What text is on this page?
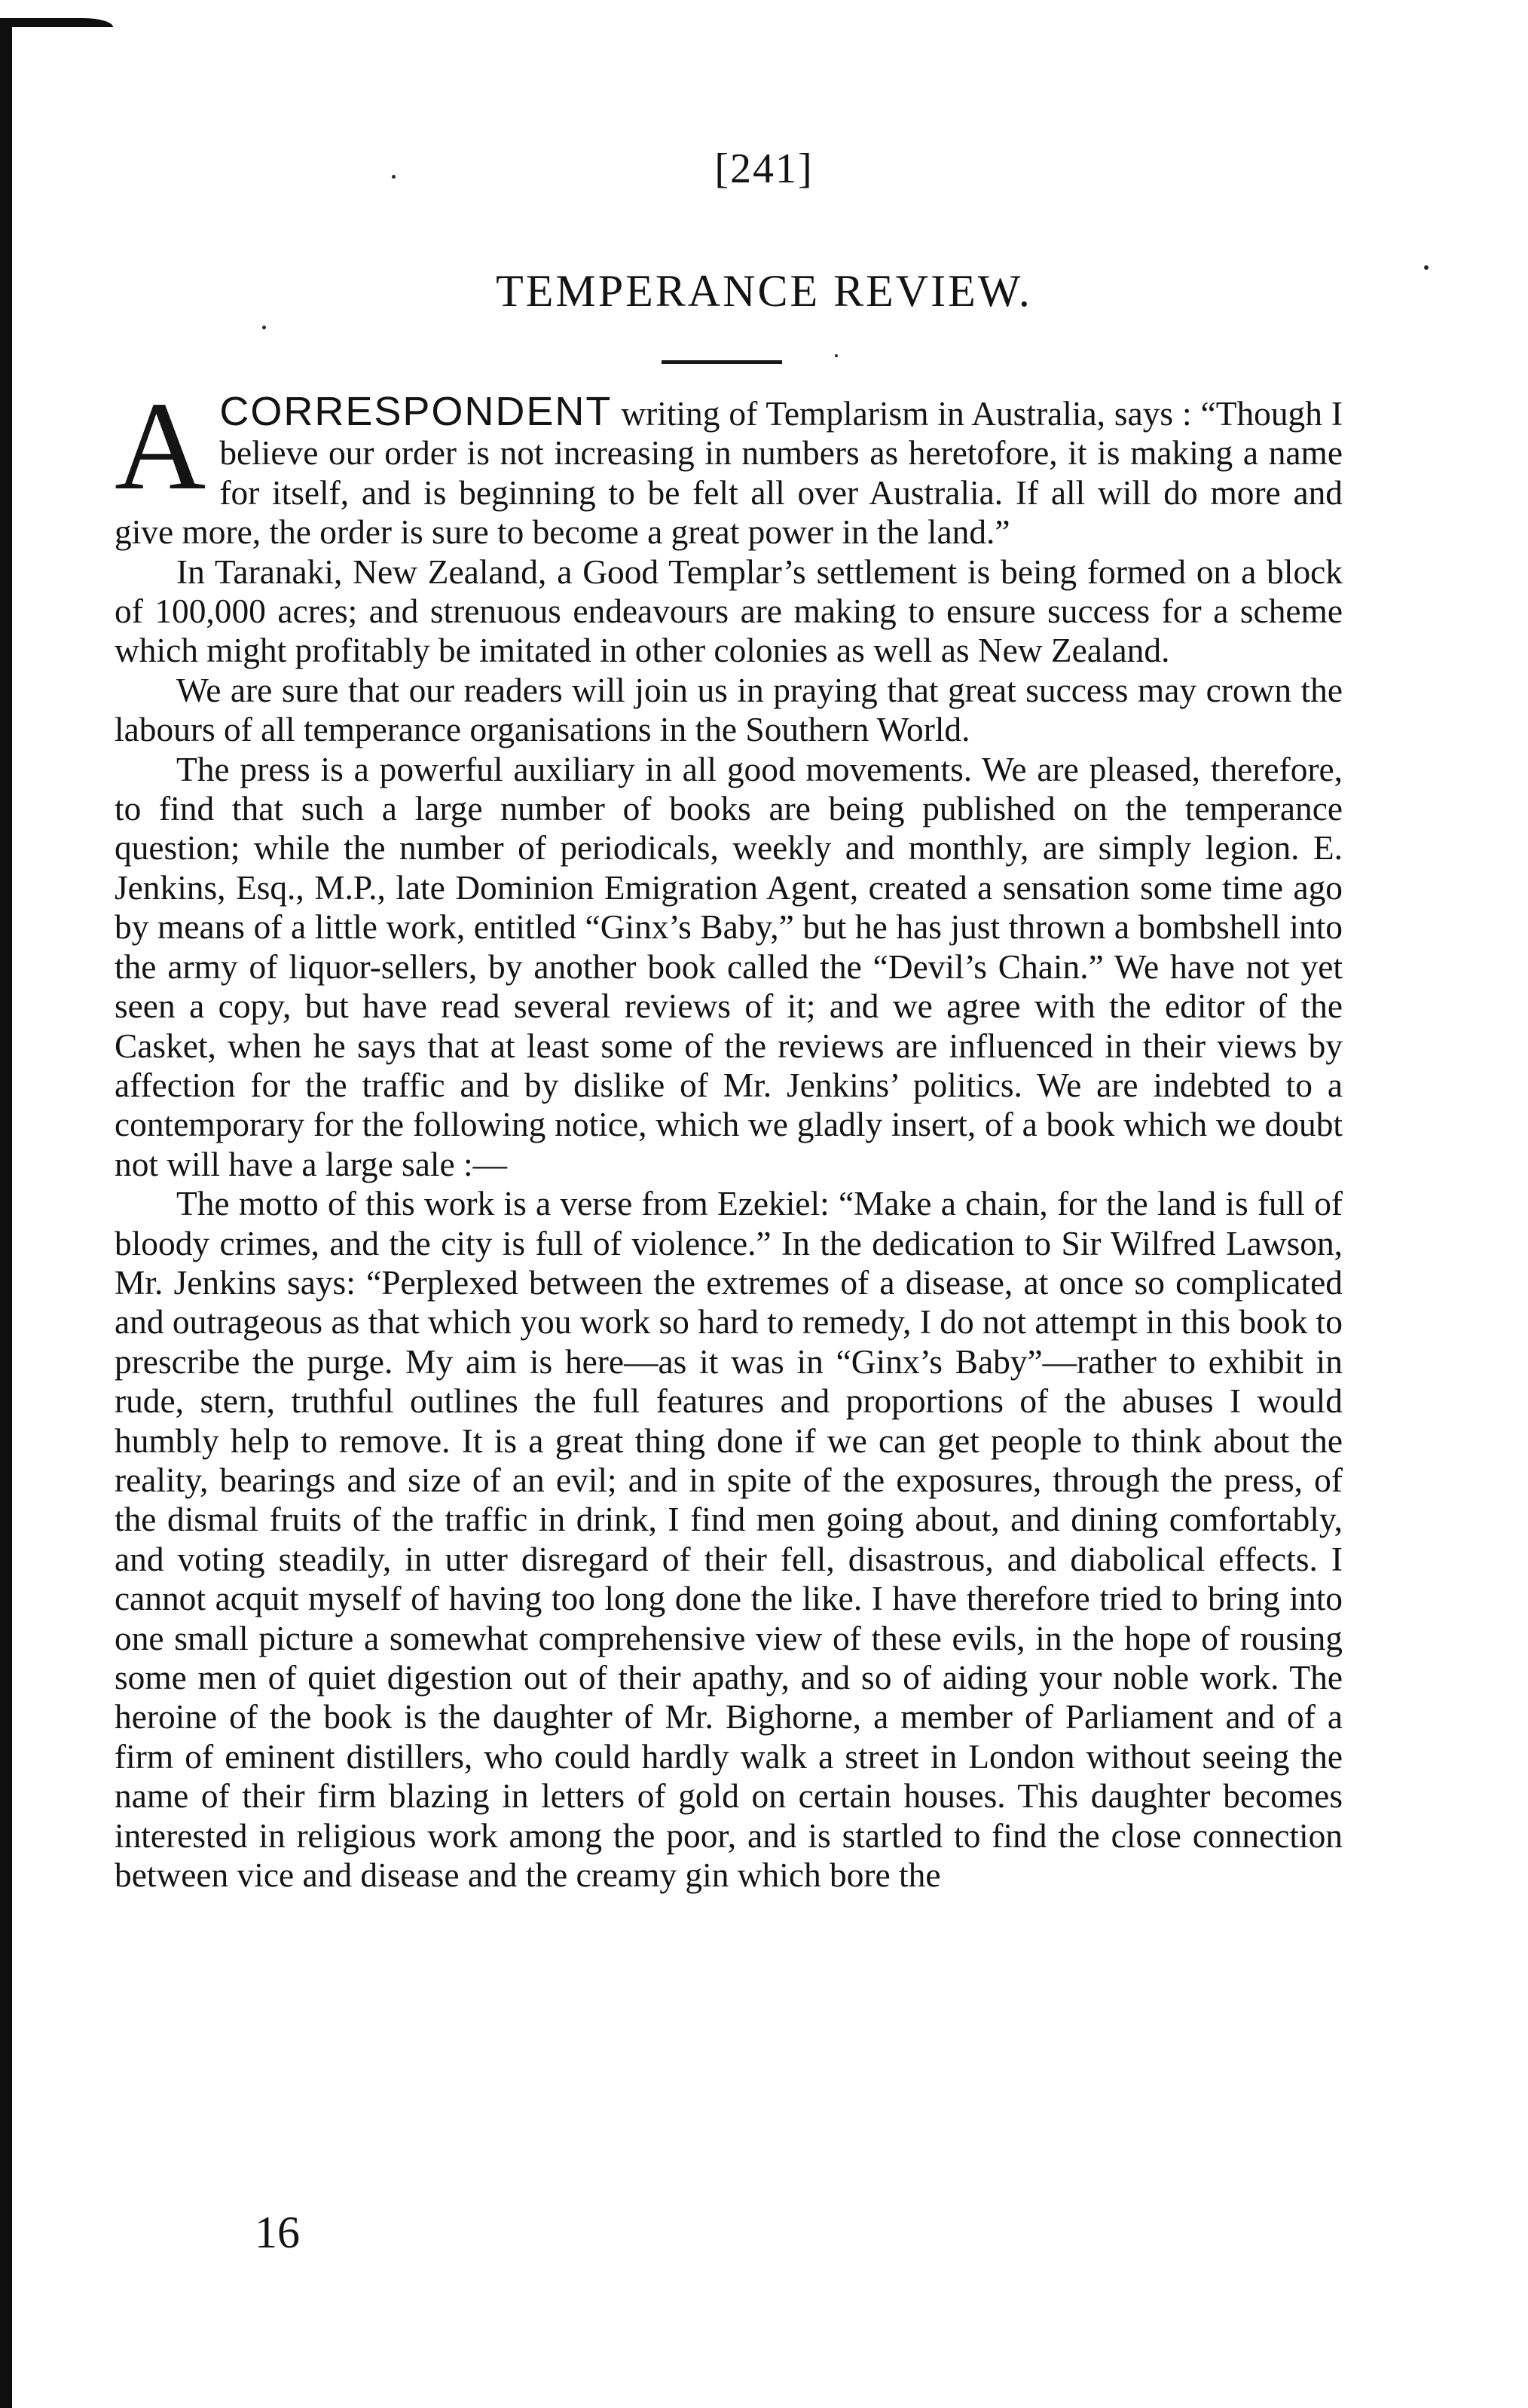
[241]
TEMPERANCE REVIEW.

ACORRESPONDENT writing of Templarism in Australia, says : “Though I believe our order is not increasing in numbers as heretofore, it is making a name for itself, and is beginning to be felt all over Australia. If all will do more and give more, the order is sure to become a great power in the land.”

In Taranaki, New Zealand, a Good Templar’s settlement is being formed on a block of 100,000 acres; and strenuous endeavours are making to ensure success for a scheme which might profitably be imitated in other colonies as well as New Zealand.

We are sure that our readers will join us in praying that great success may crown the labours of all temperance organisations in the Southern World.

The press is a powerful auxiliary in all good movements. We are pleased, therefore, to find that such a large number of books are being published on the temperance question; while the number of periodicals, weekly and monthly, are simply legion. E. Jenkins, Esq., M.P., late Dominion Emigration Agent, created a sensation some time ago by means of a little work, entitled “Ginx’s Baby,” but he has just thrown a bombshell into the army of liquor-sellers, by another book called the “Devil’s Chain.” We have not yet seen a copy, but have read several reviews of it; and we agree with the editor of the Casket, when he says that at least some of the reviews are influenced in their views by affection for the traffic and by dislike of Mr. Jenkins’ politics. We are indebted to a contemporary for the following notice, which we gladly insert, of a book which we doubt not will have a large sale :—

The motto of this work is a verse from Ezekiel: “Make a chain, for the land is full of bloody crimes, and the city is full of violence.” In the dedication to Sir Wilfred Lawson, Mr. Jenkins says: “Perplexed between the extremes of a disease, at once so complicated and outrageous as that which you work so hard to remedy, I do not attempt in this book to prescribe the purge. My aim is here—as it was in “Ginx’s Baby”—rather to exhibit in rude, stern, truthful outlines the full features and proportions of the abuses I would humbly help to remove. It is a great thing done if we can get people to think about the reality, bearings and size of an evil; and in spite of the exposures, through the press, of the dismal fruits of the traffic in drink, I find men going about, and dining comfortably, and voting steadily, in utter disregard of their fell, disastrous, and diabolical effects. I cannot acquit myself of having too long done the like. I have therefore tried to bring into one small picture a somewhat comprehensive view of these evils, in the hope of rousing some men of quiet digestion out of their apathy, and so of aiding your noble work. The heroine of the book is the daughter of Mr. Bighorne, a member of Parliament and of a firm of eminent distillers, who could hardly walk a street in London without seeing the name of their firm blazing in letters of gold on certain houses. This daughter becomes interested in religious work among the poor, and is startled to find the close connection between vice and disease and the creamy gin which bore the

16
